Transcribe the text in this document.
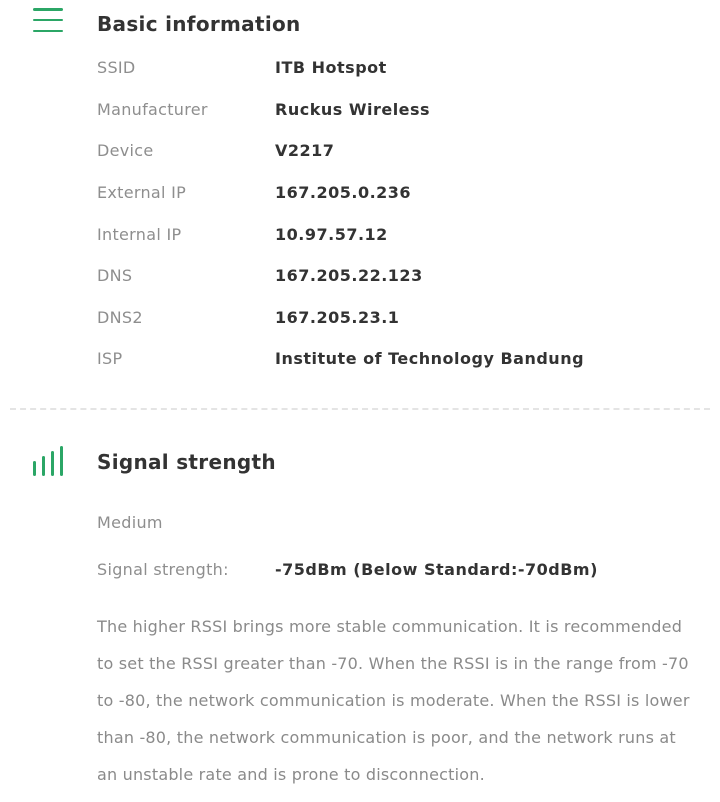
Basic information
SSID	ITB Hotspot
Manufacturer	Ruckus Wireless
Device	V2217
External IP	167.205.0.236
Internal IP	10.97.57.12
DNS	167.205.22.123
DNS2	167.205.23.1
ISP	Institute of Technology Bandung
Signal strength
Medium
Signal strength:	-75dBm (Below Standard:-70dBm)

The higher RSSI brings more stable communication. It is recommended to set the RSSI greater than -70. When the RSSI is in the range from -70 to -80, the network communication is moderate. When the RSSI is lower than -80, the network communication is poor, and the network runs at an unstable rate and is prone to disconnection.
